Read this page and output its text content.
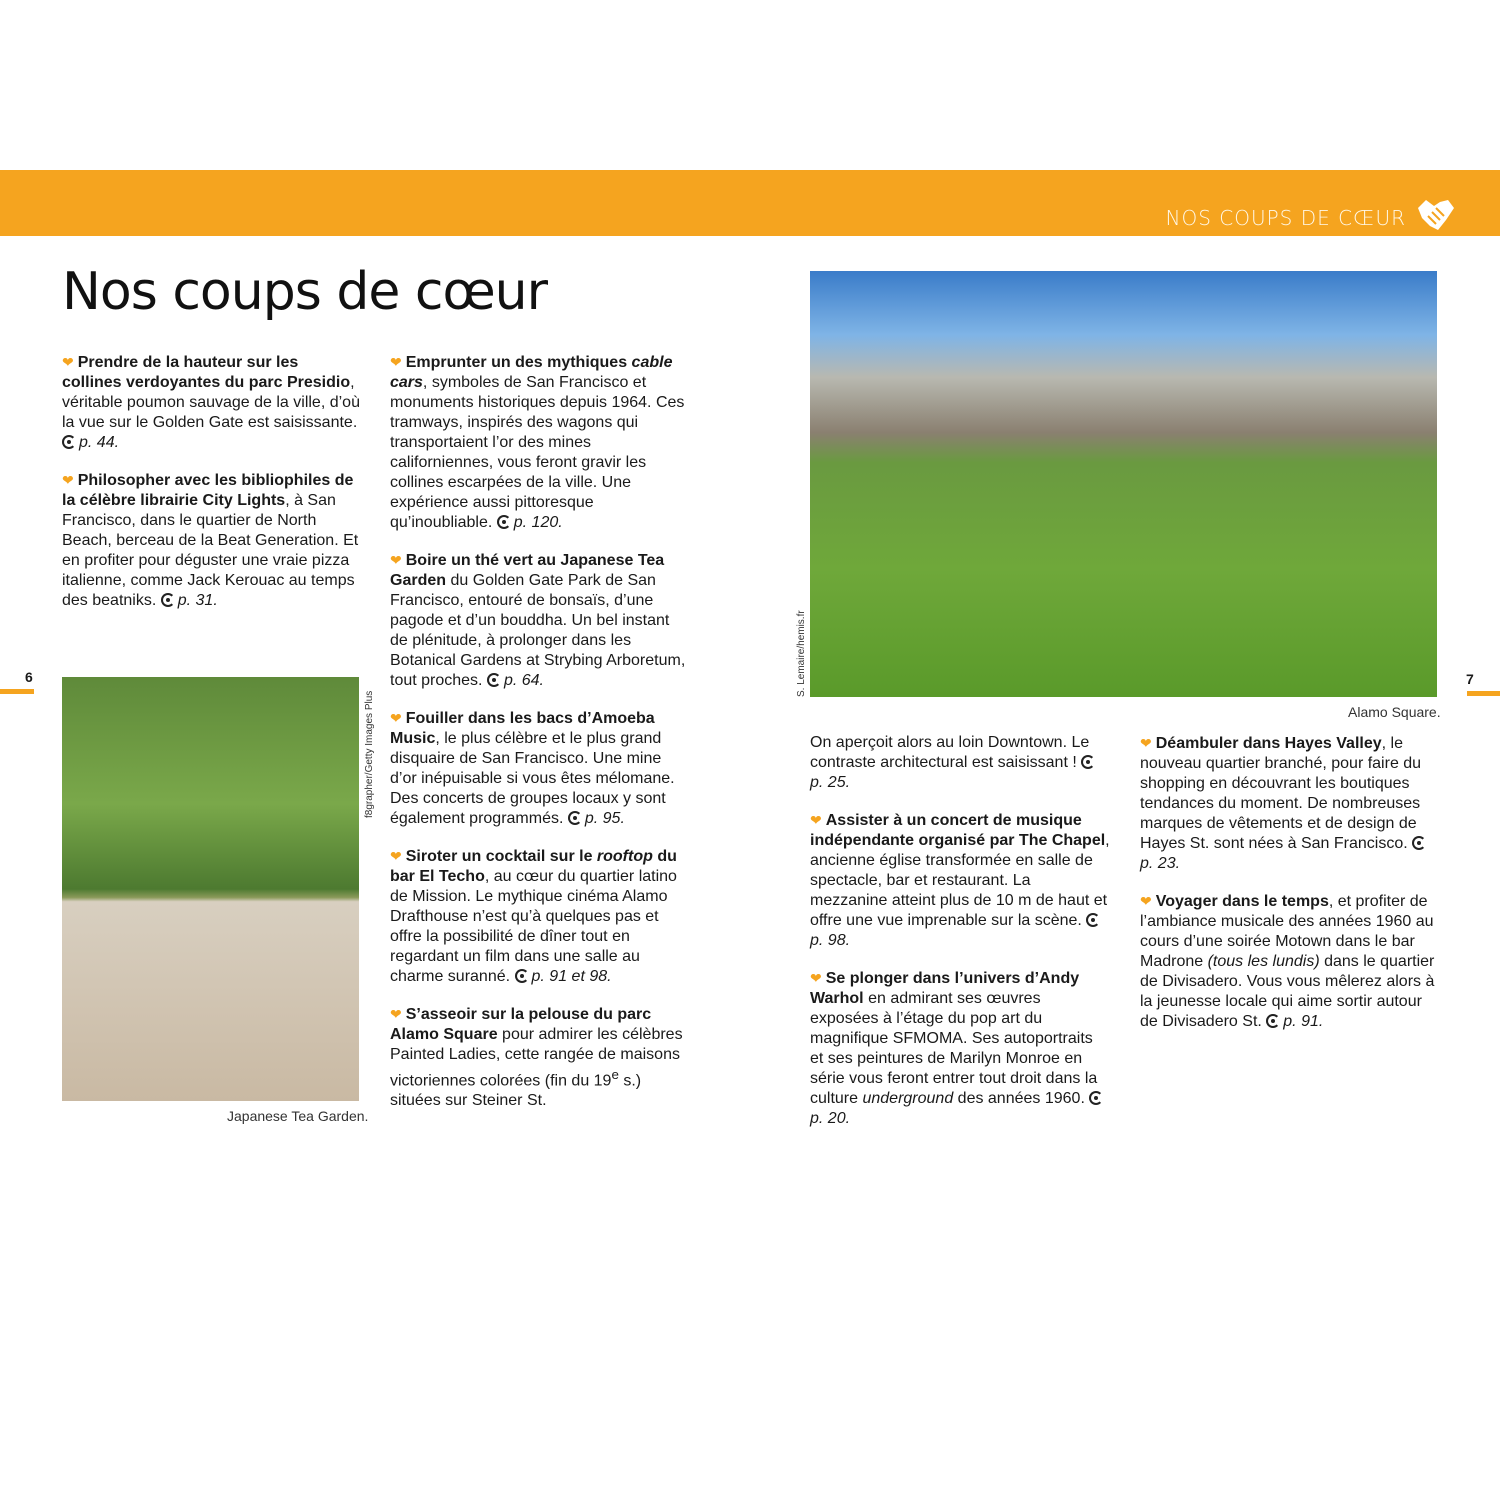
NOS COUPS DE CŒUR
Nos coups de cœur

❤ Prendre de la hauteur sur les collines verdoyantes du parc Presidio, véritable poumon sauvage de la ville, d’où la vue sur le Golden Gate est saisissante. p. 44.

❤ Philosopher avec les bibliophiles de la célèbre librairie City Lights, à San Francisco, dans le quartier de North Beach, berceau de la Beat Generation. Et en profiter pour déguster une vraie pizza italienne, comme Jack Kerouac au temps des beatniks. p. 31.

❤ Emprunter un des mythiques cable cars, symboles de San Francisco et monuments historiques depuis 1964. Ces tramways, inspirés des wagons qui transportaient l’or des mines californiennes, vous feront gravir les collines escarpées de la ville. Une expérience aussi pittoresque qu’inoubliable. p. 120.

❤ Boire un thé vert au Japanese Tea Garden du Golden Gate Park de San Francisco, entouré de bonsaïs, d’une pagode et d’un bouddha. Un bel instant de plénitude, à prolonger dans les Botanical Gardens at Strybing Arboretum, tout proches. p. 64.

❤ Fouiller dans les bacs d’Amoeba Music, le plus célèbre et le plus grand disquaire de San Francisco. Une mine d’or inépuisable si vous êtes mélomane. Des concerts de groupes locaux y sont également programmés. p. 95.

❤ Siroter un cocktail sur le rooftop du bar El Techo, au cœur du quartier latino de Mission. Le mythique cinéma Alamo Drafthouse n’est qu’à quelques pas et offre la possibilité de dîner tout en regardant un film dans une salle au charme suranné. p. 91 et 98.

❤ S’asseoir sur la pelouse du parc Alamo Square pour admirer les célèbres Painted Ladies, cette rangée de maisons victoriennes colorées (fin du 19e s.) situées sur Steiner St.

On aperçoit alors au loin Downtown. Le contraste architectural est saisissant ! p. 25.

❤ Assister à un concert de musique indépendante organisé par The Chapel, ancienne église transformée en salle de spectacle, bar et restaurant. La mezzanine atteint plus de 10 m de haut et offre une vue imprenable sur la scène. p. 98.

❤ Se plonger dans l’univers d’Andy Warhol en admirant ses œuvres exposées à l’étage du pop art du magnifique SFMOMA. Ses autoportraits et ses peintures de Marilyn Monroe en série vous feront entrer tout droit dans la culture underground des années 1960. p. 20.

❤ Déambuler dans Hayes Valley, le nouveau quartier branché, pour faire du shopping en découvrant les boutiques tendances du moment. De nombreuses marques de vêtements et de design de Hayes St. sont nées à San Francisco. p. 23.

❤ Voyager dans le temps, et profiter de l’ambiance musicale des années 1960 au cours d’une soirée Motown dans le bar Madrone (tous les lundis) dans le quartier de Divisadero. Vous vous mêlerez alors à la jeunesse locale qui aime sortir autour de Divisadero St. p. 91.

f8grapher/Getty Images Plus
Japanese Tea Garden.
S. Lemaire/hemis.fr
Alamo Square.
6	7
